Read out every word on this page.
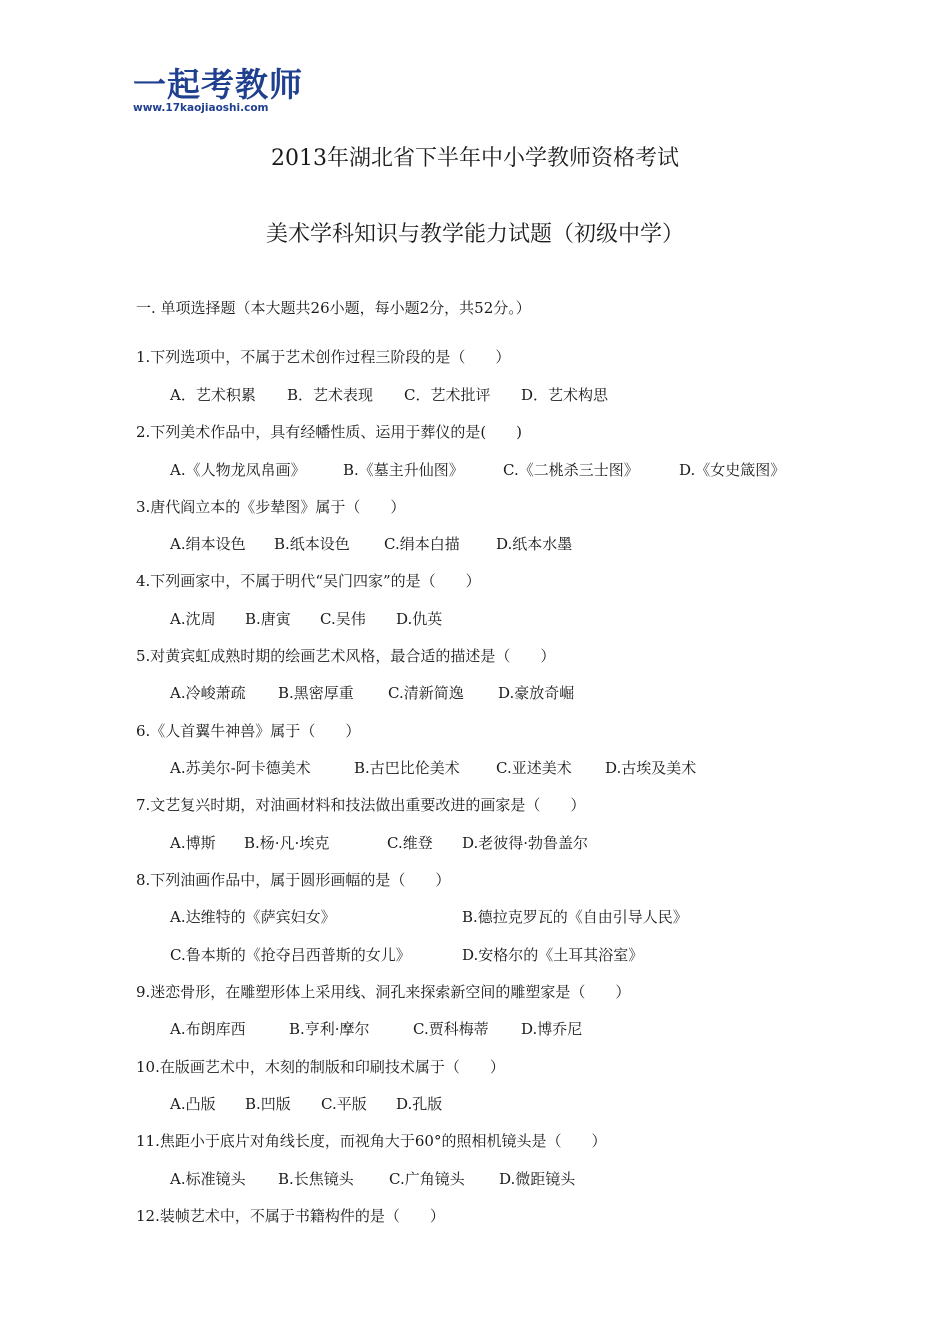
一起考教师
www.17kaojiaoshi.com
2013年湖北省下半年中小学教师资格考试
美术学科知识与教学能力试题（初级中学）
一. 单项选择题（本大题共26小题，每小题2分，共52分。）
1.下列选项中，不属于艺术创作过程三阶段的是（　　）
A．艺术积累 B．艺术表现 C．艺术批评 D．艺术构思
2.下列美术作品中，具有经幡性质、运用于葬仪的是(　　)
A.《人物龙凤帛画》 B.《墓主升仙图》	C.《二桃杀三士图》	D.《女史箴图》
3.唐代阎立本的《步辇图》属于（　　）
A.绢本设色 B.纸本设色 C.绢本白描 D.纸本水墨
4.下列画家中，不属于明代“吴门四家”的是（　　）
A.沈周 B.唐寅 C.吴伟 D.仇英
5.对黄宾虹成熟时期的绘画艺术风格，最合适的描述是（　　）
A.冷峻萧疏 B.黑密厚重 C.清新简逸 D.豪放奇崛
6.《人首翼牛神兽》属于（　　）
A.苏美尔-阿卡德美术	B.古巴比伦美术 C.亚述美术 D.古埃及美术
7.文艺复兴时期，对油画材料和技法做出重要改进的画家是（　　）
A.博斯 B.杨·凡·埃克	C.维登 D.老彼得·勃鲁盖尔
8.下列油画作品中，属于圆形画幅的是（　　）
A.达维特的《萨宾妇女》	B.德拉克罗瓦的《自由引导人民》
C.鲁本斯的《抢夺吕西普斯的女儿》	D.安格尔的《土耳其浴室》
9.迷恋骨形，在雕塑形体上采用线、洞孔来探索新空间的雕塑家是（　　）
A.布朗库西	B.亨利·摩尔	C.贾科梅蒂 D.博乔尼
10.在版画艺术中，木刻的制版和印刷技术属于（　　）
A.凸版 B.凹版 C.平版 D.孔版
11.焦距小于底片对角线长度，而视角大于60°的照相机镜头是（　　）
A.标准镜头 B.长焦镜头 C.广角镜头 D.微距镜头
12.装帧艺术中，不属于书籍构件的是（　　）
